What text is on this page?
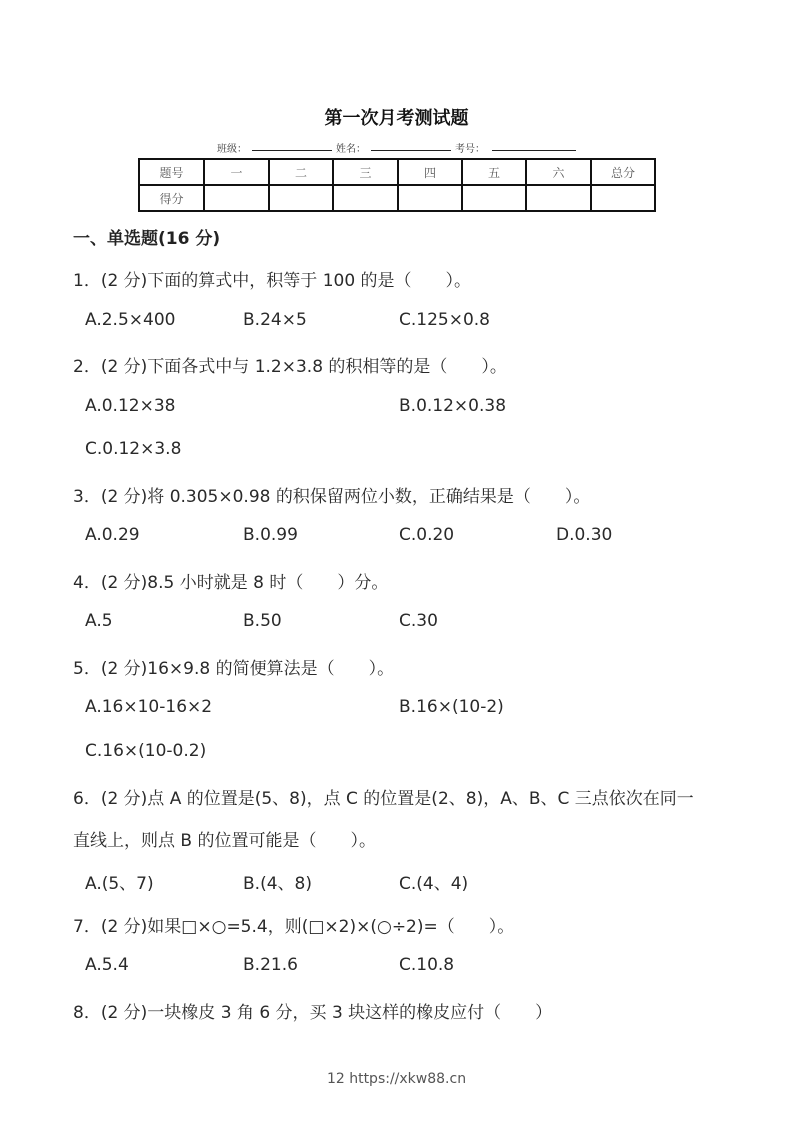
第一次月考测试题
班级：	姓名：	考号：
题号	一	二	三	四	五	六	总分
得分							
一、单选题(16 分)
1．(2 分)下面的算式中，积等于 100 的是（　　）。
A.2.5×400	B.24×5	C.125×0.8
2．(2 分)下面各式中与 1.2×3.8 的积相等的是（　　）。
A.0.12×38	B.0.12×0.38
C.0.12×3.8
3．(2 分)将 0.305×0.98 的积保留两位小数，正确结果是（　　）。
A.0.29	B.0.99	C.0.20	D.0.30
4．(2 分)8.5 小时就是 8 时（　　）分。
A.5	B.50	C.30
5．(2 分)16×9.8 的简便算法是（　　）。
A.16×10-16×2	B.16×(10-2)
C.16×(10-0.2)
6．(2 分)点 A 的位置是(5、8)，点 C 的位置是(2、8)，A、B、C 三点依次在同一
直线上，则点 B 的位置可能是（　　）。
A.(5、7)	B.(4、8)	C.(4、4)
7．(2 分)如果□×○=5.4，则(□×2)×(○÷2)=（　　）。
A.5.4	B.21.6	C.10.8
8．(2 分)一块橡皮 3 角 6 分，买 3 块这样的橡皮应付（　　）
12 https://xkw88.cn
